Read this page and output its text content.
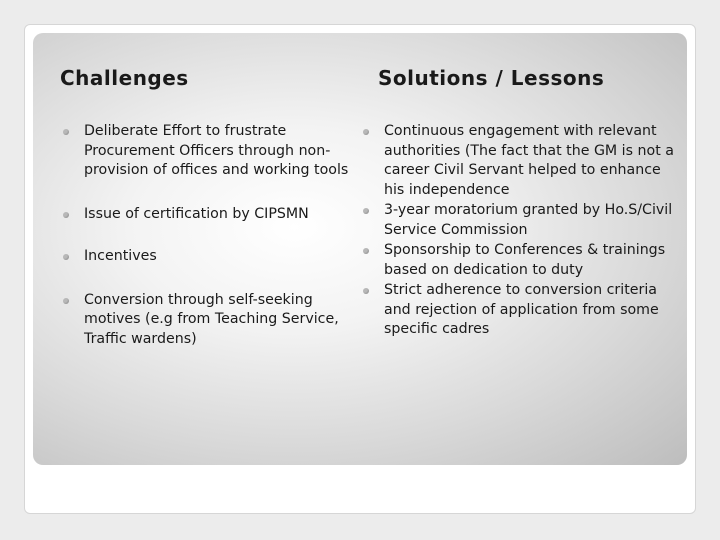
Challenges	Solutions / Lessons
Deliberate Effort to frustrate Procurement Officers through non-provision of offices and working tools
Issue of certification by CIPSMN
Incentives
Conversion through self-seeking motives (e.g from Teaching Service, Traffic wardens)
Continuous engagement with relevant authorities (The fact that the GM is not a career Civil Servant helped to enhance his independence
3-year moratorium granted by Ho.S/Civil Service Commission
Sponsorship to Conferences & trainings based on dedication to duty
Strict adherence to conversion criteria and rejection of application from some specific cadres
